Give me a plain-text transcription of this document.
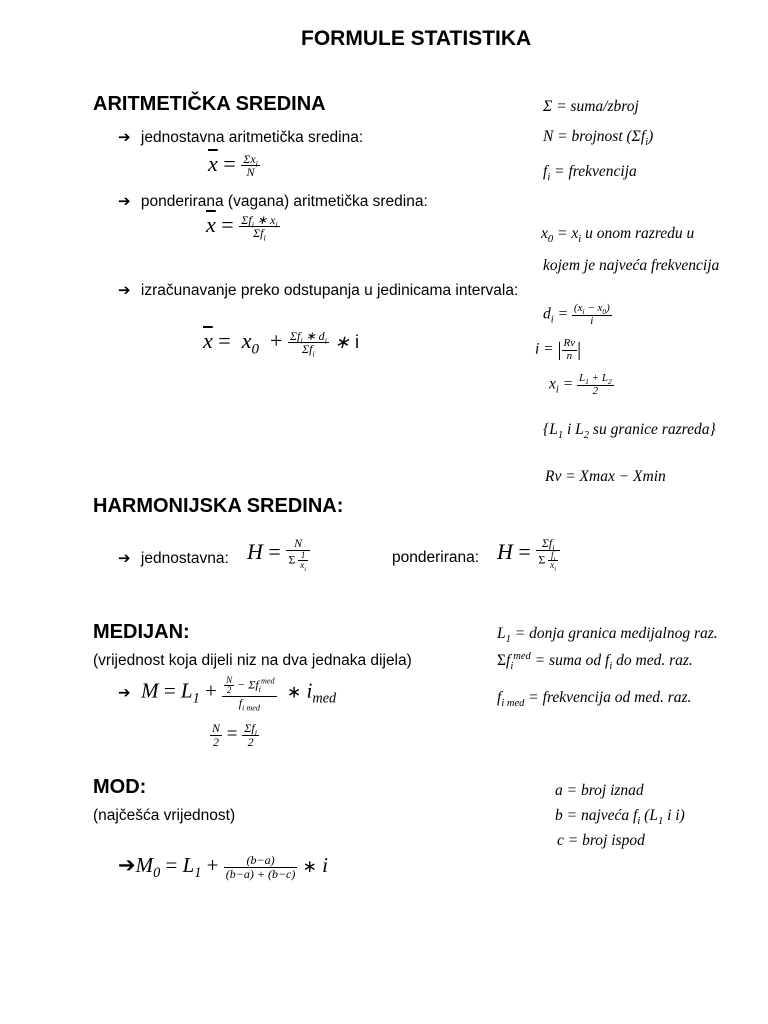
FORMULE STATISTIKA
ARITMETIČKA SREDINA
➔ jednostavna aritmetička sredina:
$\overline{x} = \frac{\Sigma x_i}{N}$
➔ ponderirana (vagana) aritmetička sredina:
$\overline{x} = \frac{\Sigma f_i ∗ x_i}{\Sigma f_i}$
➔ izračunavanje preko odstupanja u jedinicama intervala:
$\overline{x} = x_0 + \frac{\Sigma f_i ∗ d_i}{\Sigma f_i}$ ∗ i
Σ = suma/zbroj
N = brojnost $(\Sigma f_i)$
$f_i$ = frekvencija
$x_0 = x_i$ u onom razredu u
kojem je najveća frekvencija
$d_i = \frac{(x_i - x_0)}{i}$
i = | $\frac{Rv}{n}$ |
$x_i = \frac{L_1 + L_2}{2}$
{$L_1$ i $L_2$ su granice razreda}
Rv = Xmax − Xmin
HARMONIJSKA SREDINA:
➔ jednostavna: $H = \frac{N}{\Sigma \frac{1}{x_i}}$	ponderirana: $H = \frac{\Sigma f_i}{\Sigma \frac{f_i}{x_i}}$
MEDIJAN:
(vrijednost koja dijeli niz na dva jednaka dijela)
➔  $M = L_1 + \frac{\frac{N}{2} - \Sigma f_i^{med}}{f_{i med}}$ ∗ $i_{med}$
$\frac{N}{2} = \frac{\Sigma f_i}{2}$
$L_1$ = donja granica medijalnog raz.
$\Sigma f_i^{med}$ = suma od $f_i$ do med. raz.
$f_{i med}$ = frekvencija od med. raz.
MOD:
(najčešća vrijednost)
$➔M_0 = L_1 + \frac{(b-a)}{(b-a) + (b-c)}$ ∗ i
a = broj iznad
b = najveća $f_i$ ($L_1$ i i)
c = broj ispod
